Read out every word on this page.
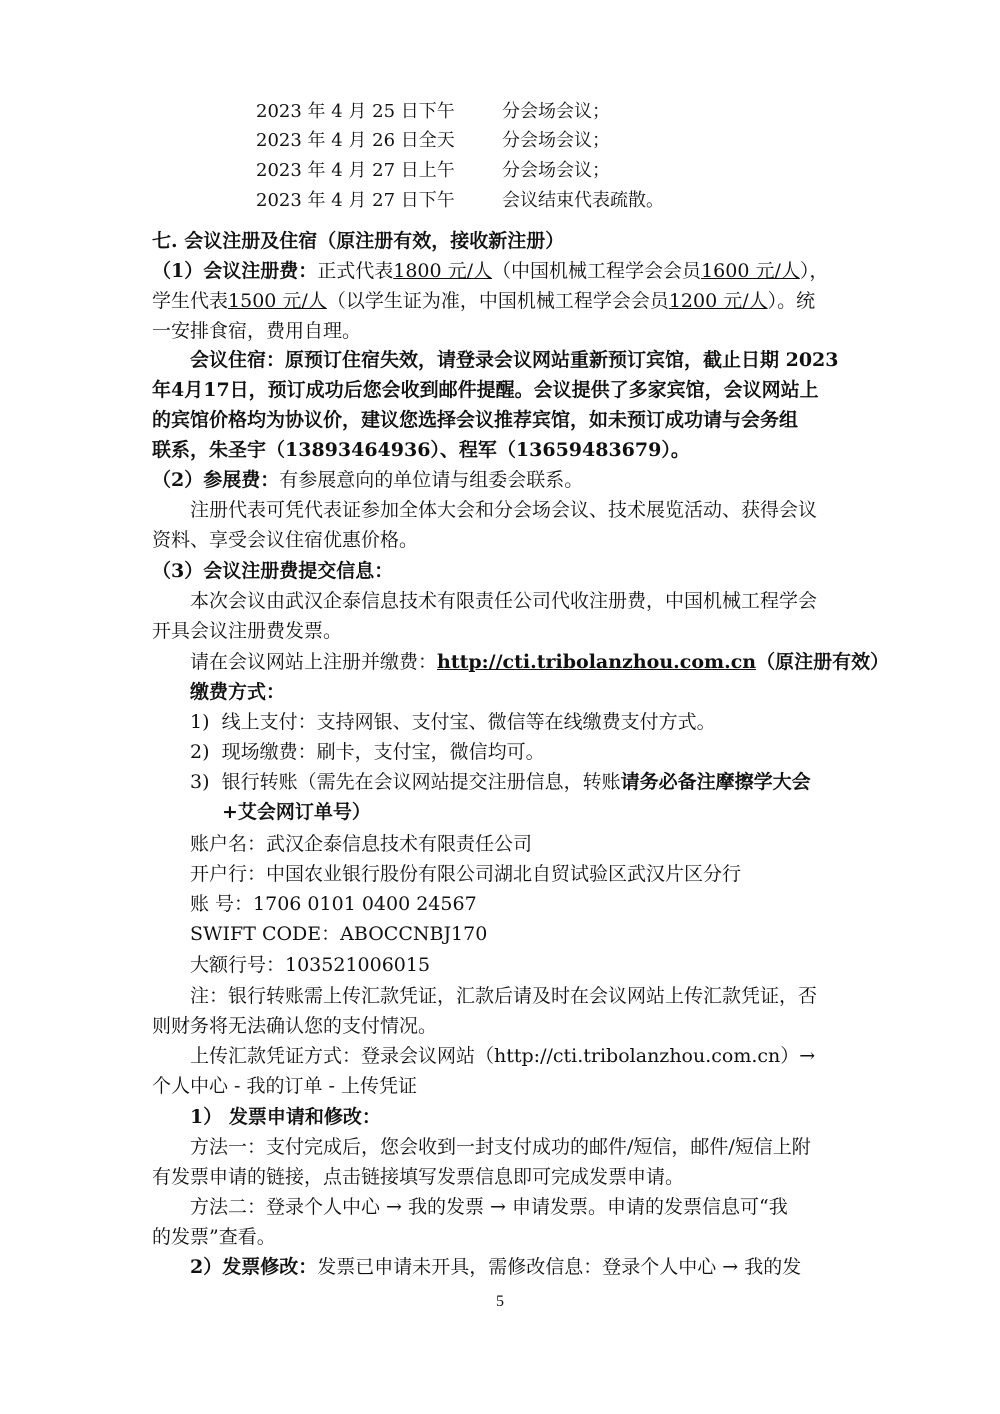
2023 年 4 月 25 日下午	分会场会议；
2023 年 4 月 26 日全天	分会场会议；
2023 年 4 月 27 日上午	分会场会议；
2023 年 4 月 27 日下午	会议结束代表疏散。
七. 会议注册及住宿（原注册有效，接收新注册）
（1）会议注册费：正式代表1800 元/人（中国机械工程学会会员1600 元/人），
学生代表1500 元/人（以学生证为准，中国机械工程学会会员1200 元/人）。统
一安排食宿，费用自理。
会议住宿：原预订住宿失效，请登录会议网站重新预订宾馆，截止日期 2023
年4月17日，预订成功后您会收到邮件提醒。会议提供了多家宾馆，会议网站上
的宾馆价格均为协议价，建议您选择会议推荐宾馆，如未预订成功请与会务组
联系，朱圣宇（13893464936）、程军（13659483679）。
（2）参展费：有参展意向的单位请与组委会联系。
注册代表可凭代表证参加全体大会和分会场会议、技术展览活动、获得会议
资料、享受会议住宿优惠价格。
（3）会议注册费提交信息：
本次会议由武汉企泰信息技术有限责任公司代收注册费，中国机械工程学会
开具会议注册费发票。
请在会议网站上注册并缴费：http://cti.tribolanzhou.com.cn（原注册有效）
缴费方式：
1) 线上支付：支持网银、支付宝、微信等在线缴费支付方式。
2) 现场缴费：刷卡，支付宝，微信均可。
3) 银行转账（需先在会议网站提交注册信息，转账请务必备注摩擦学大会
+艾会网订单号）
账户名：武汉企泰信息技术有限责任公司
开户行：中国农业银行股份有限公司湖北自贸试验区武汉片区分行
账 号：1706 0101 0400 24567
SWIFT CODE：ABOCCNBJ170
大额行号：103521006015
注：银行转账需上传汇款凭证，汇款后请及时在会议网站上传汇款凭证，否
则财务将无法确认您的支付情况。
上传汇款凭证方式：登录会议网站（http://cti.tribolanzhou.com.cn）→
个人中心 - 我的订单 - 上传凭证
1） 发票申请和修改：
方法一：支付完成后，您会收到一封支付成功的邮件/短信，邮件/短信上附
有发票申请的链接，点击链接填写发票信息即可完成发票申请。
方法二：登录个人中心 → 我的发票 → 申请发票。申请的发票信息可“我
的发票”查看。
2）发票修改：发票已申请未开具，需修改信息：登录个人中心 → 我的发
5
